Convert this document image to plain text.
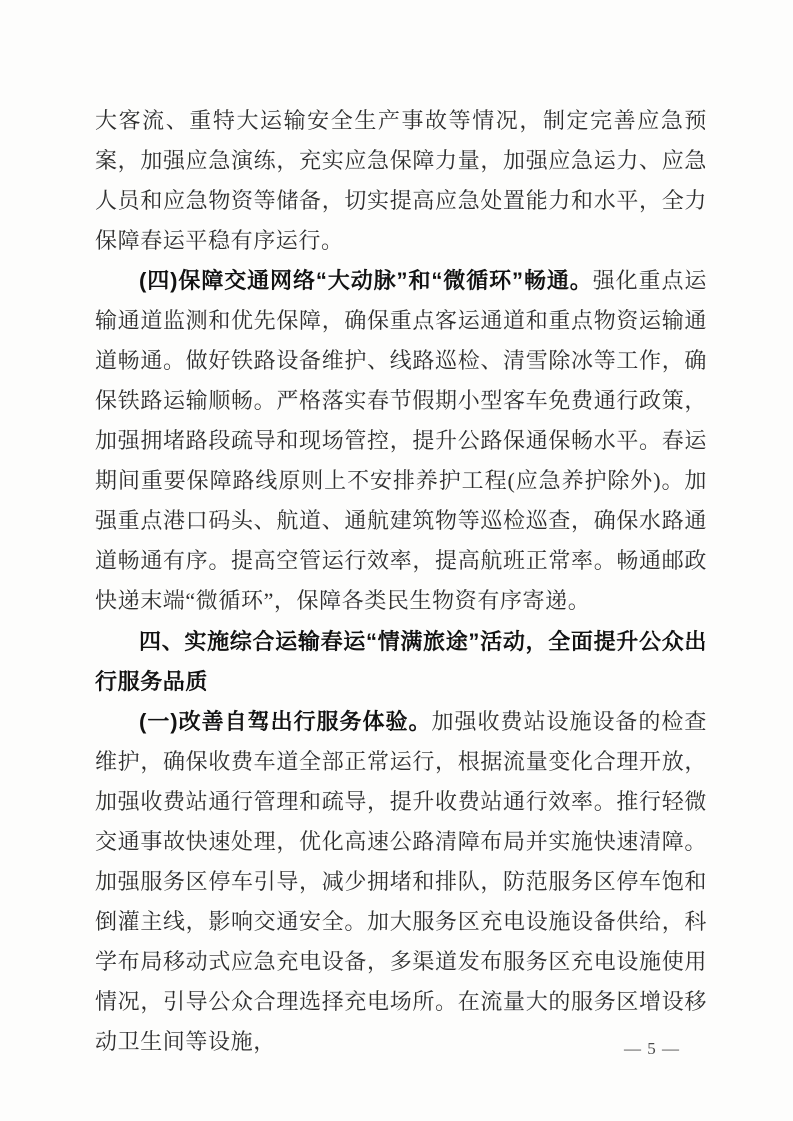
大客流、重特大运输安全生产事故等情况，制定完善应急预案，加强应急演练，充实应急保障力量，加强应急运力、应急人员和应急物资等储备，切实提高应急处置能力和水平，全力保障春运平稳有序运行。

(四)保障交通网络“大动脉”和“微循环”畅通。强化重点运输通道监测和优先保障，确保重点客运通道和重点物资运输通道畅通。做好铁路设备维护、线路巡检、清雪除冰等工作，确保铁路运输顺畅。严格落实春节假期小型客车免费通行政策，加强拥堵路段疏导和现场管控，提升公路保通保畅水平。春运期间重要保障路线原则上不安排养护工程(应急养护除外)。加强重点港口码头、航道、通航建筑物等巡检巡查，确保水路通道畅通有序。提高空管运行效率，提高航班正常率。畅通邮政快递末端“微循环”，保障各类民生物资有序寄递。

四、实施综合运输春运“情满旅途”活动，全面提升公众出行服务品质

(一)改善自驾出行服务体验。加强收费站设施设备的检查维护，确保收费车道全部正常运行，根据流量变化合理开放，加强收费站通行管理和疏导，提升收费站通行效率。推行轻微交通事故快速处理，优化高速公路清障布局并实施快速清障。加强服务区停车引导，减少拥堵和排队，防范服务区停车饱和倒灌主线，影响交通安全。加大服务区充电设施设备供给，科学布局移动式应急充电设备，多渠道发布服务区充电设施使用情况，引导公众合理选择充电场所。在流量大的服务区增设移动卫生间等设施，	— 5 —
